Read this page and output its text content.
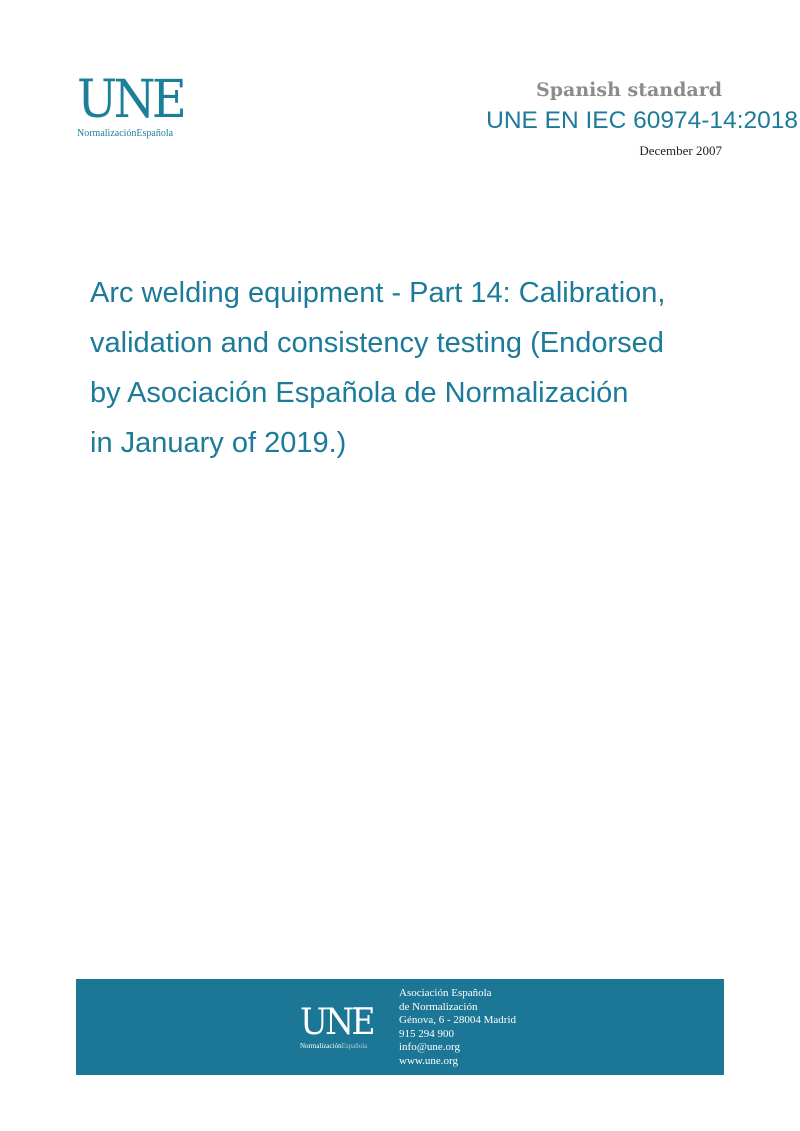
UNE
NormalizaciónEspañola
Spanish standard
UNE EN IEC 60974-14:2018
December 2007
Arc welding equipment - Part 14: Calibration,
validation and consistency testing (Endorsed
by Asociación Española de Normalización
in January of 2019.)
UNE
NormalizaciónEspañola
Asociación Española
de Normalización
Génova, 6 - 28004 Madrid
915 294 900
info@une.org
www.une.org
